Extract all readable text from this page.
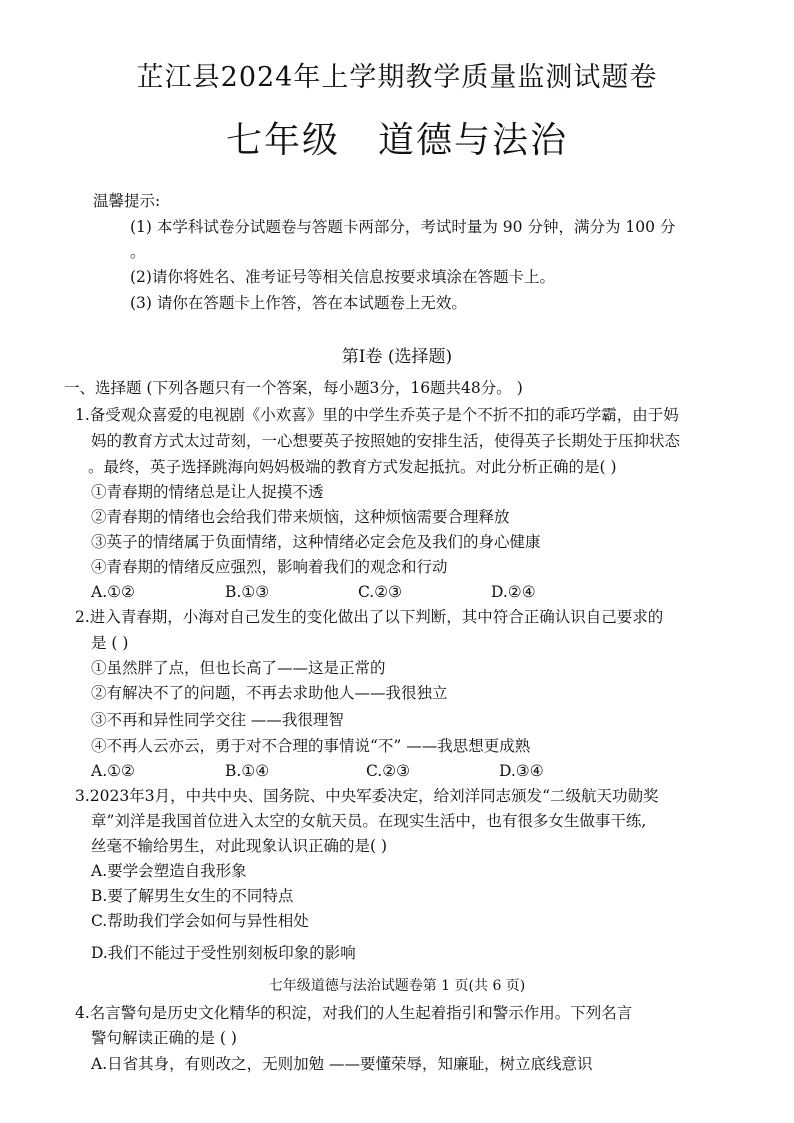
芷江县2024年上学期教学质量监测试题卷
七年级 道德与法治
温馨提示:
(1) 本学科试卷分试题卷与答题卡两部分，考试时量为 90 分钟，满分为 100 分
。
(2)请你将姓名、准考证号等相关信息按要求填涂在答题卡上。
(3) 请你在答题卡上作答，答在本试题卷上无效。
第Ⅰ卷 (选择题)
一、选择题 (下列各题只有一个答案，每小题3分，16题共48分。 )
1.备受观众喜爱的电视剧《小欢喜》里的中学生乔英子是个不折不扣的乖巧学霸，由于妈
妈的教育方式太过苛刻，一心想要英子按照她的安排生活，使得英子长期处于压抑状态
。最终，英子选择跳海向妈妈极端的教育方式发起抵抗。对此分析正确的是( )
①青春期的情绪总是让人捉摸不透
②青春期的情绪也会给我们带来烦恼，这种烦恼需要合理释放
③英子的情绪属于负面情绪，这种情绪必定会危及我们的身心健康
④青春期的情绪反应强烈，影响着我们的观念和行动
A.①②	B.①③	C.②③	D.②④
2.进入青春期，小海对自己发生的变化做出了以下判断，其中符合正确认识自己要求的
是 ( )
①虽然胖了点，但也长高了——这是正常的
②有解决不了的问题，不再去求助他人——我很独立
③不再和异性同学交往 ——我很理智
④不再人云亦云，勇于对不合理的事情说“不” ——我思想更成熟
A.①②	B.①④	C.②③	D.③④
3.2023年3月，中共中央、国务院、中央军委决定，给刘洋同志颁发“二级航天功勋奖
章”刘洋是我国首位进入太空的女航天员。在现实生活中，也有很多女生做事干练,
丝毫不输给男生，对此现象认识正确的是( )
A.要学会塑造自我形象
B.要了解男生女生的不同特点
C.帮助我们学会如何与异性相处
D.我们不能过于受性别刻板印象的影响
七年级道德与法治试题卷第 1 页(共 6 页)
4.名言警句是历史文化精华的积淀，对我们的人生起着指引和警示作用。下列名言
警句解读正确的是 ( )
A.日省其身，有则改之，无则加勉 ——要懂荣辱，知廉耻，树立底线意识
